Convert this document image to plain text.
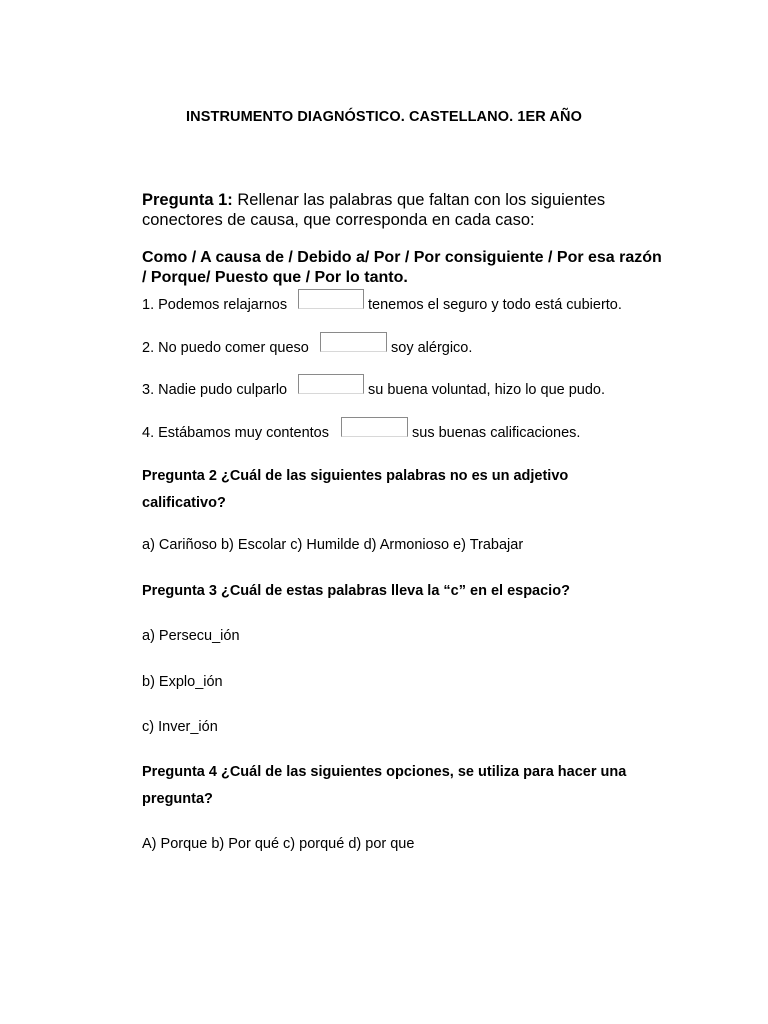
INSTRUMENTO DIAGNÓSTICO. CASTELLANO. 1ER AÑO
Pregunta 1: Rellenar las palabras que faltan con los siguientes conectores de causa, que corresponda en cada caso:
Como / A causa de / Debido a/ Por / Por consiguiente / Por esa razón / Porque/ Puesto que / Por lo tanto.
1. Podemos relajarnos	tenemos el seguro y todo está cubierto.
2. No puedo comer queso	soy alérgico.
3. Nadie pudo culparlo	su buena voluntad, hizo lo que pudo.
4. Estábamos muy contentos	sus buenas calificaciones.
Pregunta 2 ¿Cuál de las siguientes palabras no es un adjetivo calificativo?
a) Cariñoso b) Escolar c) Humilde d) Armonioso e) Trabajar
Pregunta 3 ¿Cuál de estas palabras lleva la “c” en el espacio?
a) Persecu_ión
b) Explo_ión
c) Inver_ión
Pregunta 4 ¿Cuál de las siguientes opciones, se utiliza para hacer una pregunta?
A) Porque b) Por qué c) porqué d) por que
